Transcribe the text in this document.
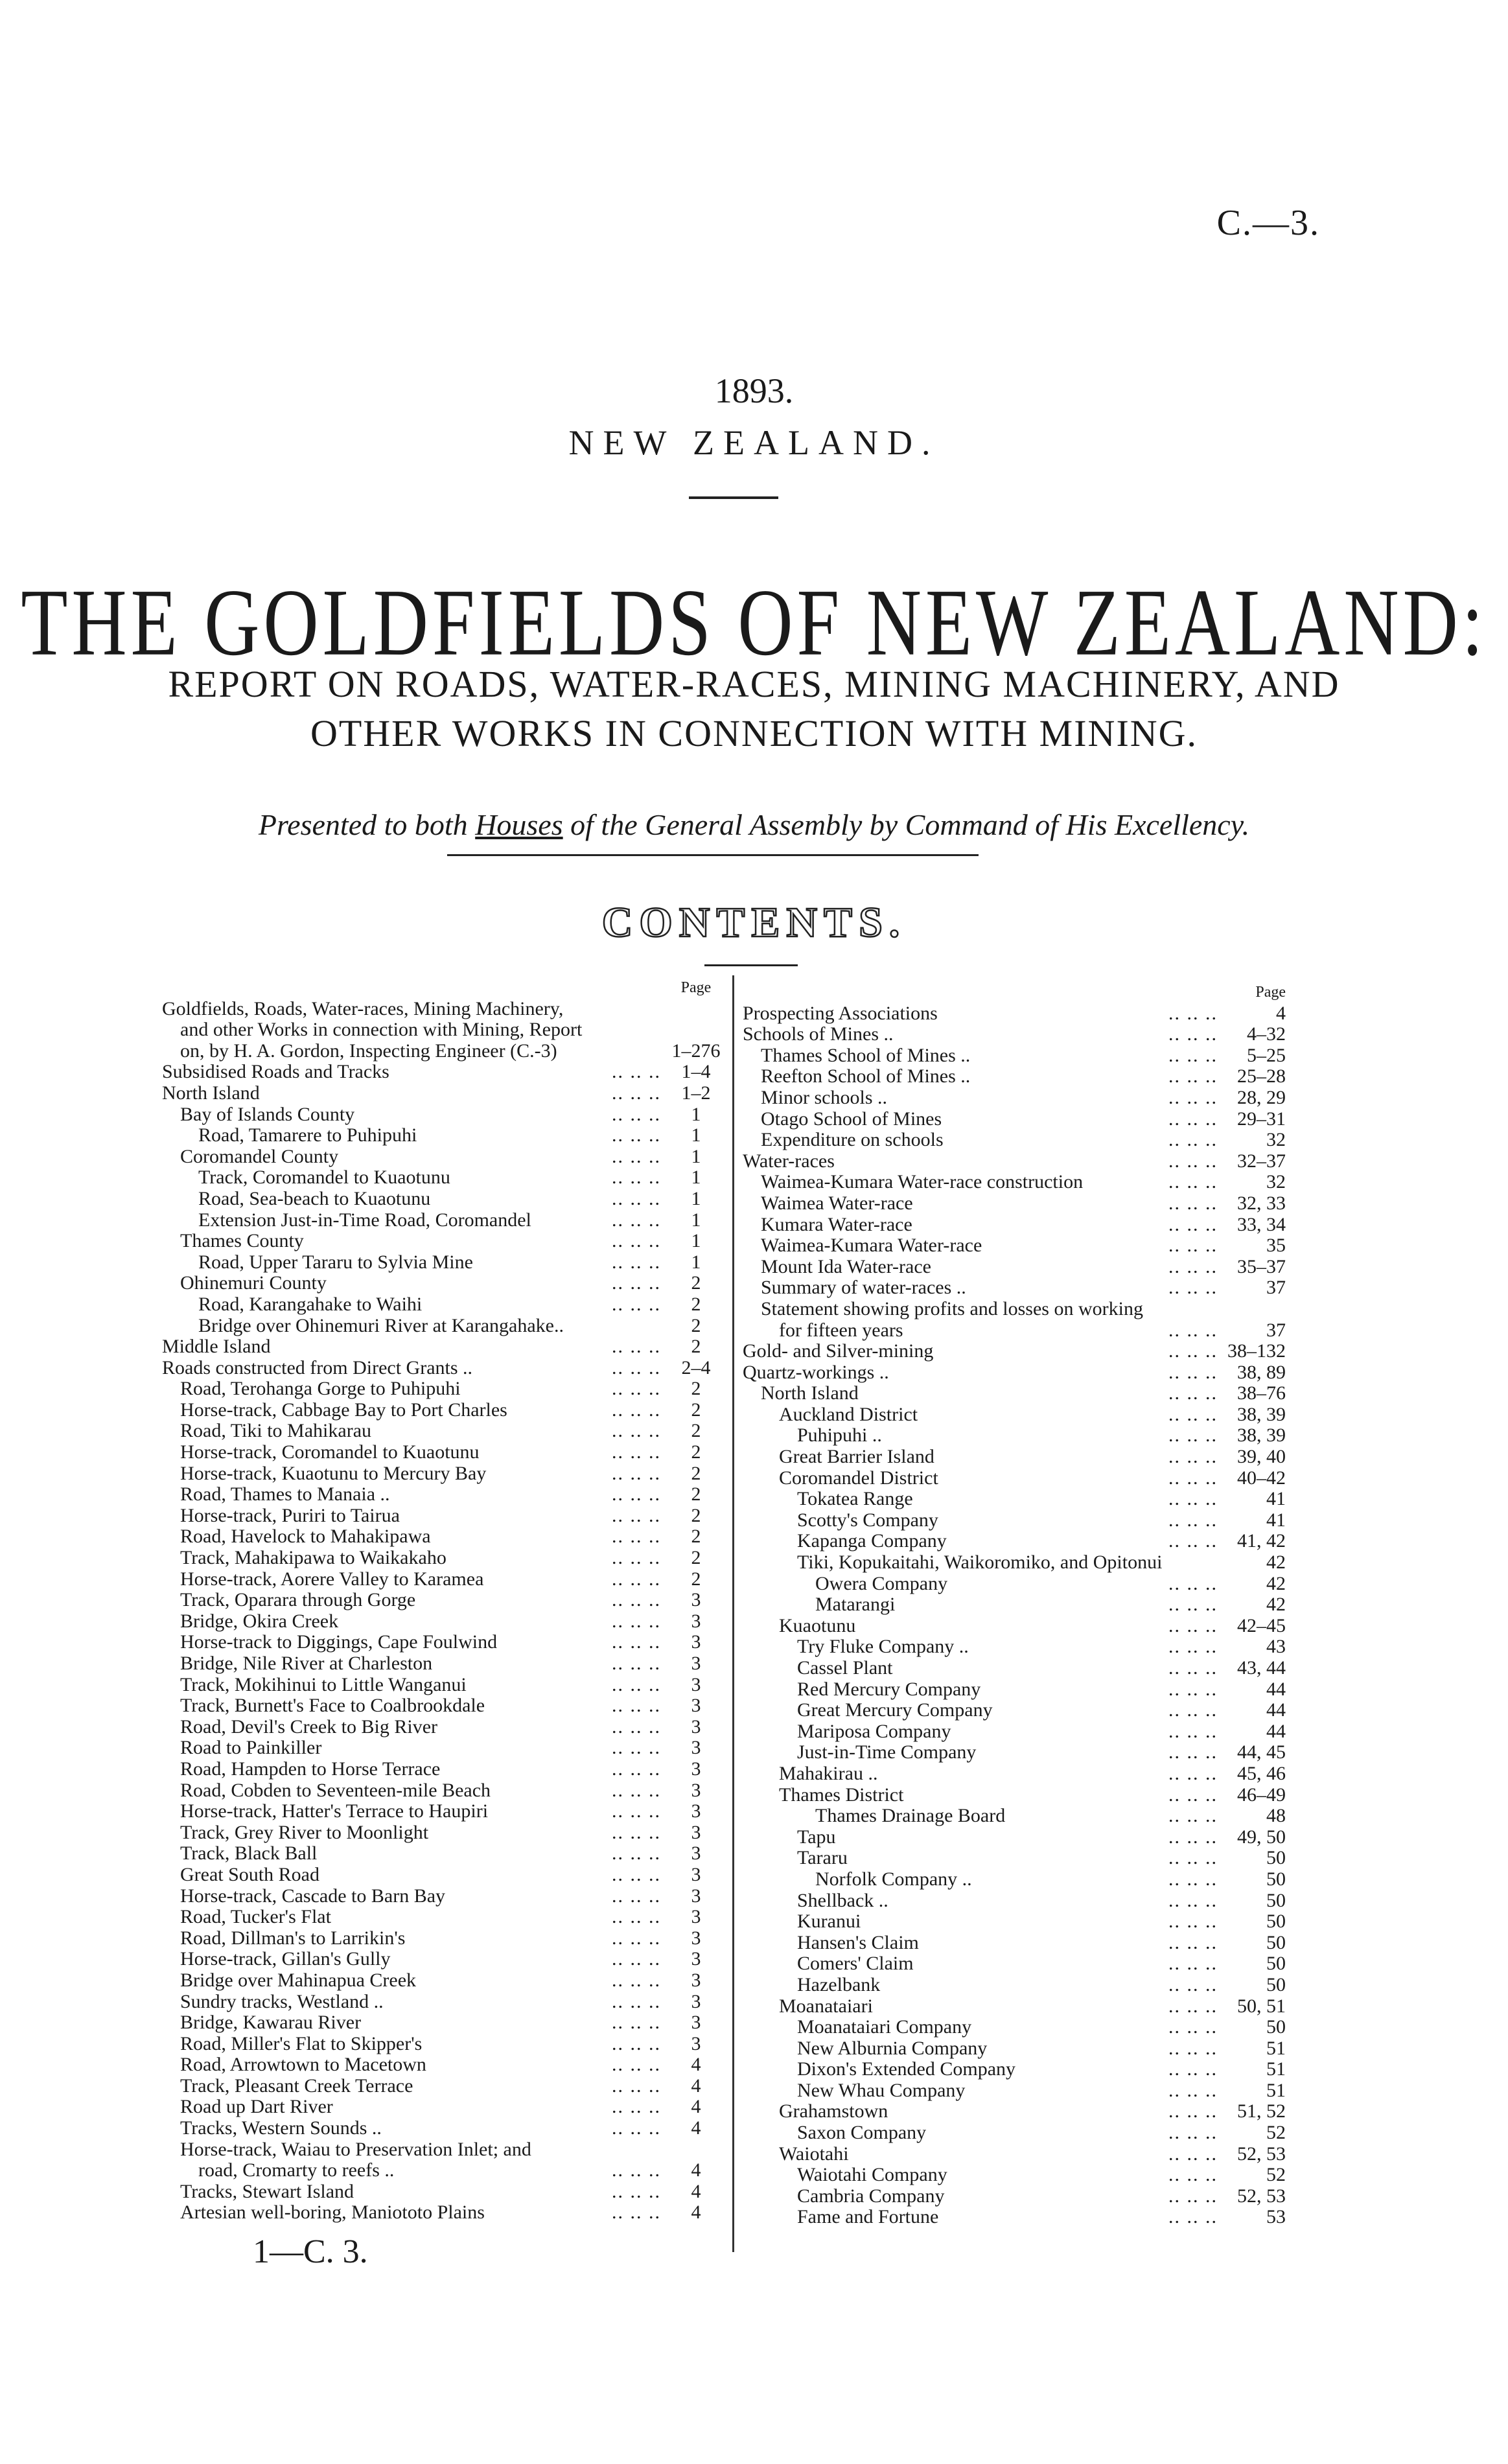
C.—3.
1893.
NEW ZEALAND.
THE GOLDFIELDS OF NEW ZEALAND:
REPORT ON ROADS, WATER-RACES, MINING MACHINERY, AND
OTHER WORKS IN CONNECTION WITH MINING.
Presented to both Houses of the General Assembly by Command of His Excellency.
CONTENTS.
Page
Goldfields, Roads, Water-races, Mining Machinery,
and other Works in connection with Mining, Report
on, by H. A. Gordon, Inspecting Engineer (C.-3)	1–276
Subsidised Roads and Tracks	.. .. ..	1–4
North Island	.. .. ..	1–2
Bay of Islands County	.. .. ..	1
Road, Tamarere to Puhipuhi	.. .. ..	1
Coromandel County	.. .. ..	1
Track, Coromandel to Kuaotunu	.. .. ..	1
Road, Sea-beach to Kuaotunu	.. .. ..	1
Extension Just-in-Time Road, Coromandel	.. .. ..	1
Thames County	.. .. ..	1
Road, Upper Tararu to Sylvia Mine	.. .. ..	1
Ohinemuri County	.. .. ..	2
Road, Karangahake to Waihi	.. .. ..	2
Bridge over Ohinemuri River at Karangahake..	2
Middle Island	.. .. ..	2
Roads constructed from Direct Grants ..	.. .. ..	2–4
Road, Terohanga Gorge to Puhipuhi	.. .. ..	2
Horse-track, Cabbage Bay to Port Charles	.. .. ..	2
Road, Tiki to Mahikarau	.. .. ..	2
Horse-track, Coromandel to Kuaotunu	.. .. ..	2
Horse-track, Kuaotunu to Mercury Bay	.. .. ..	2
Road, Thames to Manaia ..	.. .. ..	2
Horse-track, Puriri to Tairua	.. .. ..	2
Road, Havelock to Mahakipawa	.. .. ..	2
Track, Mahakipawa to Waikakaho	.. .. ..	2
Horse-track, Aorere Valley to Karamea	.. .. ..	2
Track, Oparara through Gorge	.. .. ..	3
Bridge, Okira Creek	.. .. ..	3
Horse-track to Diggings, Cape Foulwind	.. .. ..	3
Bridge, Nile River at Charleston	.. .. ..	3
Track, Mokihinui to Little Wanganui	.. .. ..	3
Track, Burnett's Face to Coalbrookdale	.. .. ..	3
Road, Devil's Creek to Big River	.. .. ..	3
Road to Painkiller	.. .. ..	3
Road, Hampden to Horse Terrace	.. .. ..	3
Road, Cobden to Seventeen-mile Beach	.. .. ..	3
Horse-track, Hatter's Terrace to Haupiri	.. .. ..	3
Track, Grey River to Moonlight	.. .. ..	3
Track, Black Ball	.. .. ..	3
Great South Road	.. .. ..	3
Horse-track, Cascade to Barn Bay	.. .. ..	3
Road, Tucker's Flat	.. .. ..	3
Road, Dillman's to Larrikin's	.. .. ..	3
Horse-track, Gillan's Gully	.. .. ..	3
Bridge over Mahinapua Creek	.. .. ..	3
Sundry tracks, Westland ..	.. .. ..	3
Bridge, Kawarau River	.. .. ..	3
Road, Miller's Flat to Skipper's	.. .. ..	3
Road, Arrowtown to Macetown	.. .. ..	4
Track, Pleasant Creek Terrace	.. .. ..	4
Road up Dart River	.. .. ..	4
Tracks, Western Sounds ..	.. .. ..	4
Horse-track, Waiau to Preservation Inlet; and
road, Cromarty to reefs ..	.. .. ..	4
Tracks, Stewart Island	.. .. ..	4
Artesian well-boring, Maniototo Plains	.. .. ..	4
Page
Prospecting Associations	.. .. ..	4
Schools of Mines ..	.. .. .. 4–32
Thames School of Mines ..	.. .. .. 5–25
Reefton School of Mines ..	.. .. .. 25–28
Minor schools ..	.. .. .. 28, 29
Otago School of Mines	.. .. .. 29–31
Expenditure on schools	.. .. ..	32
Water-races	.. .. .. 32–37
Waimea-Kumara Water-race construction	.. .. ..	32
Waimea Water-race	.. .. .. 32, 33
Kumara Water-race	.. .. .. 33, 34
Waimea-Kumara Water-race	.. .. ..	35
Mount Ida Water-race	.. .. .. 35–37
Summary of water-races ..	.. .. ..	37
Statement showing profits and losses on working
for fifteen years	.. .. ..	37
Gold- and Silver-mining	.. .. .. 38–132
Quartz-workings ..	.. .. .. 38, 89
North Island	.. .. .. 38–76
Auckland District	.. .. .. 38, 39
Puhipuhi ..	.. .. .. 38, 39
Great Barrier Island	.. .. .. 39, 40
Coromandel District	.. .. .. 40–42
Tokatea Range	.. .. ..	41
Scotty's Company	.. .. ..	41
Kapanga Company	.. .. .. 41, 42
Tiki, Kopukaitahi, Waikoromiko, and Opitonui	42
Owera Company	.. .. ..	42
Matarangi	.. .. ..	42
Kuaotunu	.. .. .. 42–45
Try Fluke Company ..	.. .. ..	43
Cassel Plant	.. .. .. 43, 44
Red Mercury Company	.. .. ..	44
Great Mercury Company	.. .. ..	44
Mariposa Company	.. .. ..	44
Just-in-Time Company	.. .. .. 44, 45
Mahakirau ..	.. .. .. 45, 46
Thames District	.. .. .. 46–49
Thames Drainage Board	.. .. ..	48
Tapu	.. .. .. 49, 50
Tararu	.. .. ..	50
Norfolk Company ..	.. .. ..	50
Shellback ..	.. .. ..	50
Kuranui	.. .. ..	50
Hansen's Claim	.. .. ..	50
Comers' Claim	.. .. ..	50
Hazelbank	.. .. ..	50
Moanataiari	.. .. .. 50, 51
Moanataiari Company	.. .. ..	50
New Alburnia Company	.. .. ..	51
Dixon's Extended Company	.. .. ..	51
New Whau Company	.. .. ..	51
Grahamstown	.. .. .. 51, 52
Saxon Company	.. .. ..	52
Waiotahi	.. .. .. 52, 53
Waiotahi Company	.. .. ..	52
Cambria Company	.. .. .. 52, 53
Fame and Fortune	.. .. ..	53
1—C. 3.
